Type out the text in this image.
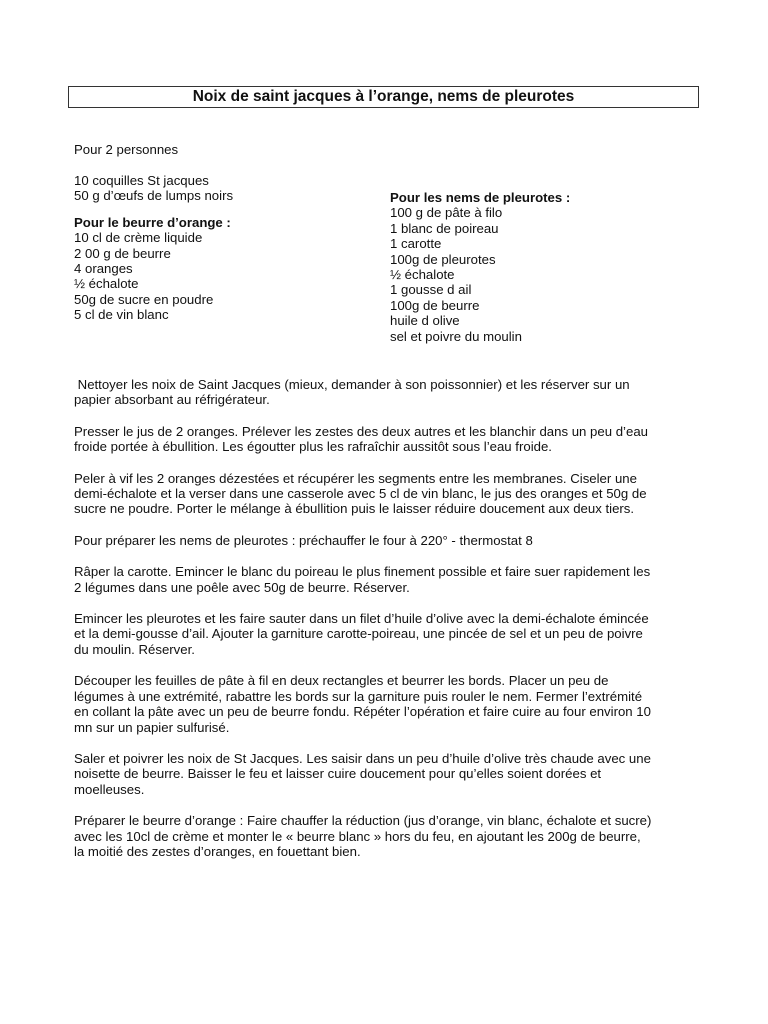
Noix de saint jacques à l’orange, nems de pleurotes
Pour 2 personnes
10 coquilles St jacques
50 g d’œufs de lumps noirs
Pour le beurre d’orange :
10 cl de crème liquide
2 00 g de beurre
4 oranges
½ échalote
50g de sucre en poudre
5 cl de vin blanc
Pour les nems de pleurotes :
100 g de pâte à filo
1 blanc de poireau
1 carotte
100g de pleurotes
½ échalote
1 gousse d ail
100g de beurre
huile d olive
sel et poivre du moulin

Nettoyer les noix de Saint Jacques (mieux, demander à son poissonnier) et les réserver sur un
papier absorbant au réfrigérateur.

Presser le jus de 2 oranges. Prélever les zestes des deux autres et les blanchir dans un peu d’eau
froide portée à ébullition. Les égoutter plus les rafraîchir aussitôt sous l’eau froide.

Peler à vif les 2 oranges dézestées et récupérer les segments entre les membranes. Ciseler une
demi-échalote et la verser dans une casserole avec 5 cl de vin blanc, le jus des oranges et 50g de
sucre ne poudre. Porter le mélange à ébullition puis le laisser réduire doucement aux deux tiers.

Pour préparer les nems de pleurotes : préchauffer le four à 220° - thermostat 8

Râper la carotte. Emincer le blanc du poireau le plus finement possible et faire suer rapidement les
2 légumes dans une poêle avec 50g de beurre. Réserver.

Emincer les pleurotes et les faire sauter dans un filet d’huile d’olive avec la demi-échalote émincée
et la demi-gousse d’ail. Ajouter la garniture carotte-poireau, une pincée de sel et un peu de poivre
du moulin. Réserver.

Découper les feuilles de pâte à fil en deux rectangles et beurrer les bords. Placer un peu de
légumes à une extrémité, rabattre les bords sur la garniture puis rouler le nem. Fermer l’extrémité
en collant la pâte avec un peu de beurre fondu. Répéter l’opération et faire cuire au four environ 10
mn sur un papier sulfurisé.

Saler et poivrer les noix de St Jacques. Les saisir dans un peu d’huile d’olive très chaude avec une
noisette de beurre. Baisser le feu et laisser cuire doucement pour qu’elles soient dorées et
moelleuses.

Préparer le beurre d’orange : Faire chauffer la réduction (jus d’orange, vin blanc, échalote et sucre)
avec les 10cl de crème et monter le « beurre blanc » hors du feu, en ajoutant les 200g de beurre,
la moitié des zestes d’oranges, en fouettant bien.
